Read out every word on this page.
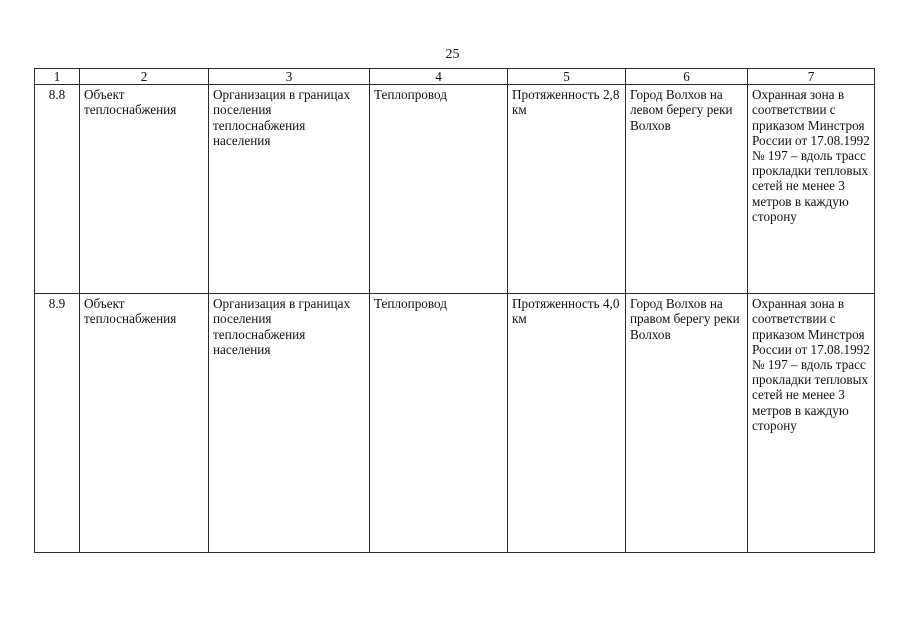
25
1	2	3	4	5	6	7
8.8	Объект теплоснабжения	Организация в границах поселения теплоснабжения населения	Теплопровод	Протяженность 2,8 км	Город Волхов на левом берегу реки Волхов	Охранная зона в соответствии с приказом Минстроя России от 17.08.1992 № 197 – вдоль трасс прокладки тепловых сетей не менее 3 метров в каждую сторону
8.9	Объект теплоснабжения	Организация в границах поселения теплоснабжения населения	Теплопровод	Протяженность 4,0 км	Город Волхов на правом берегу реки Волхов	Охранная зона в соответствии с приказом Минстроя России от 17.08.1992 № 197 – вдоль трасс прокладки тепловых сетей не менее 3 метров в каждую сторону
